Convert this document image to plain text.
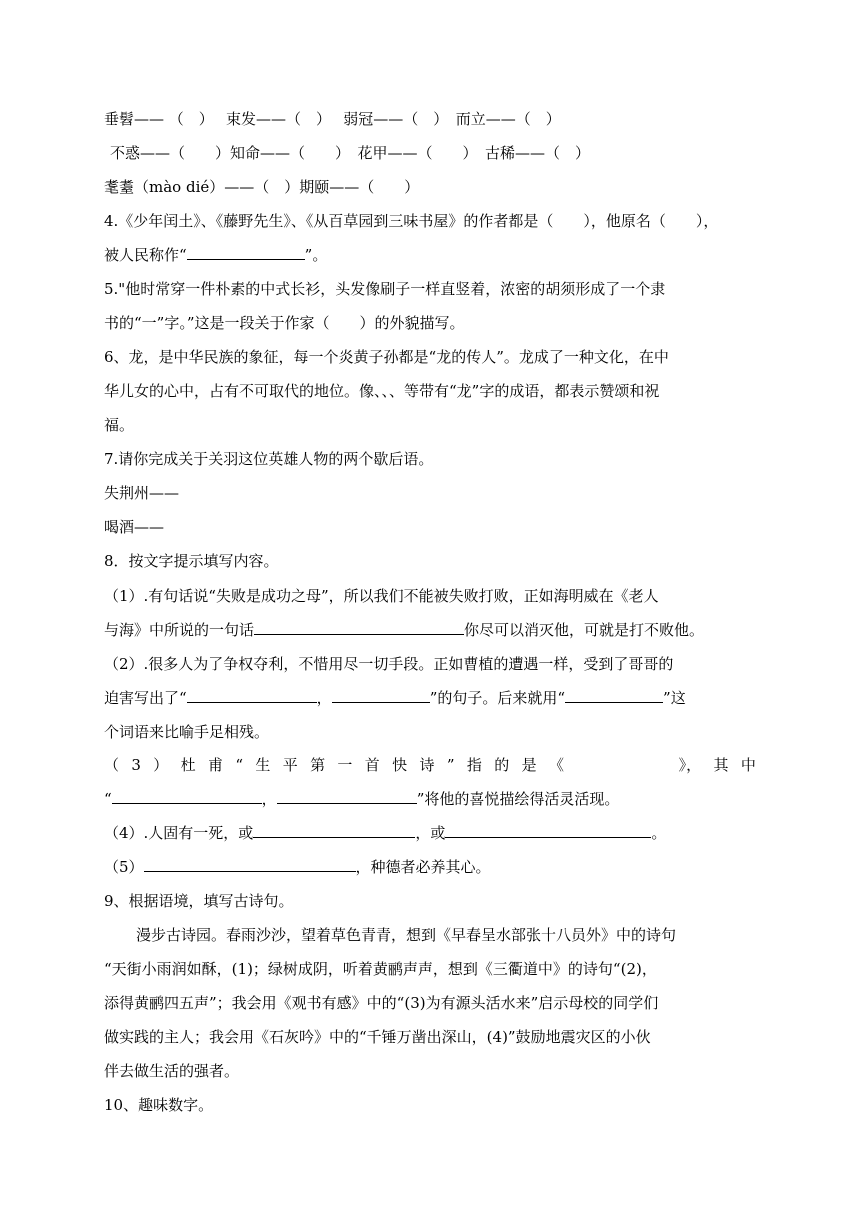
垂髫—— （　）　 束发——（　）　 弱冠——（　）　而立——（　）
不惑——（　　）知命——（　　）　花甲——（　　）　古稀——（　）
耄耋（mào dié）——（　）期颐——（　　）
4.《少年闰土》、《藤野先生》、《从百草园到三味书屋》的作者都是（　　），他原名（　　），
被人民称作“	”。
5."他时常穿一件朴素的中式长衫，头发像刷子一样直竖着，浓密的胡须形成了一个隶
书的“一”字。”这是一段关于作家（　　）的外貌描写。
6、龙，是中华民族的象征，每一个炎黄子孙都是“龙的传人”。龙成了一种文化，在中
华儿女的心中，占有不可取代的地位。像、、、等带有“龙”字的成语，都表示赞颂和祝
福。
7.请你完成关于关羽这位英雄人物的两个歇后语。
失荆州——
喝酒——
8．按文字提示填写内容。
（1）.有句话说“失败是成功之母”，所以我们不能被失败打败，正如海明威在《老人
与海》中所说的一句话	你尽可以消灭他，可就是打不败他。
（2）.很多人为了争权夺利，不惜用尽一切手段。正如曹植的遭遇一样，受到了哥哥的
迫害写出了“	，	”的句子。后来就用“	”这
个词语来比喻手足相残。
（ 3 ） 杜 甫 “ 生 平 第 一 首 快 诗 ” 指 的 是 《
　　　　　　	》， 其 中
“	，	”将他的喜悦描绘得活灵活现。
（4）.人固有一死，或	，或	。
（5）	，种德者必养其心。
9、根据语境，填写古诗句。
漫步古诗园。春雨沙沙，望着草色青青，想到《早春呈水部张十八员外》中的诗句
“天街小雨润如酥，(1)；绿树成阴，听着黄鹂声声，想到《三衢道中》的诗句“(2)，
添得黄鹂四五声”；我会用《观书有感》中的“(3)为有源头活水来”启示母校的同学们
做实践的主人；我会用《石灰吟》中的“千锤万凿出深山，(4)”鼓励地震灾区的小伙
伴去做生活的强者。
10、趣味数字。
